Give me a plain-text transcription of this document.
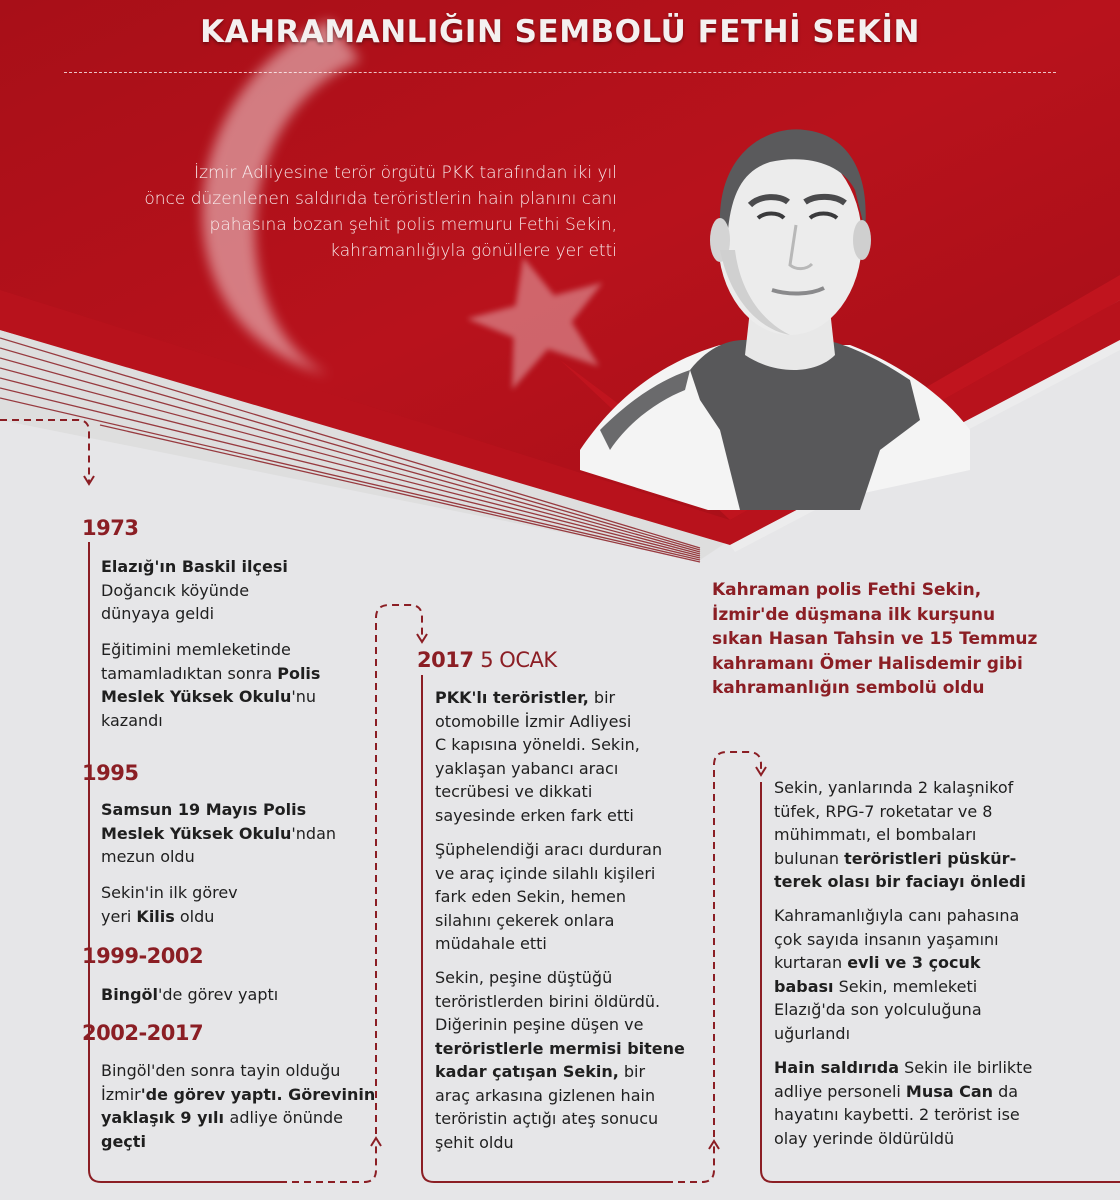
KAHRAMANLIĞIN SEMBOLÜ FETHİ SEKİN
İzmir Adliyesine terör örgütü PKK tarafından iki yıl
önce düzenlenen saldırıda teröristlerin hain planını canı
pahasına bozan şehit polis memuru Fethi Sekin,
kahramanlığıyla gönüllere yer etti
1973
Elazığ'ın Baskil ilçesi
Doğancık köyünde
dünyaya geldi
Eğitimini memleketinde
tamamladıktan sonra Polis
Meslek Yüksek Okulu'nu
kazandı
1995
Samsun 19 Mayıs Polis
Meslek Yüksek Okulu'ndan
mezun oldu
Sekin'in ilk görev
yeri Kilis oldu
1999-2002
Bingöl'de görev yaptı
2002-2017
Bingöl'den sonra tayin olduğu
İzmir'de görev yaptı. Görevinin
yaklaşık 9 yılı adliye önünde
geçti
2017 5 OCAK
PKK'lı teröristler, bir
otomobille İzmir Adliyesi
C kapısına yöneldi. Sekin,
yaklaşan yabancı aracı
tecrübesi ve dikkati
sayesinde erken fark etti
Şüphelendiği aracı durduran
ve araç içinde silahlı kişileri
fark eden Sekin, hemen
silahını çekerek onlara
müdahale etti
Sekin, peşine düştüğü
teröristlerden birini öldürdü.
Diğerinin peşine düşen ve
teröristlerle mermisi bitene
kadar çatışan Sekin, bir
araç arkasına gizlenen hain
teröristin açtığı ateş sonucu
şehit oldu
Kahraman polis Fethi Sekin,
İzmir'de düşmana ilk kurşunu
sıkan Hasan Tahsin ve 15 Temmuz
kahramanı Ömer Halisdemir gibi
kahramanlığın sembolü oldu
Sekin, yanlarında 2 kalaşnikof
tüfek, RPG-7 roketatar ve 8
mühimmatı, el bombaları
bulunan teröristleri püskür-
terek olası bir faciayı önledi
Kahramanlığıyla canı pahasına
çok sayıda insanın yaşamını
kurtaran evli ve 3 çocuk
babası Sekin, memleketi
Elazığ'da son yolculuğuna
uğurlandı
Hain saldırıda Sekin ile birlikte
adliye personeli Musa Can da
hayatını kaybetti. 2 terörist ise
olay yerinde öldürüldü
